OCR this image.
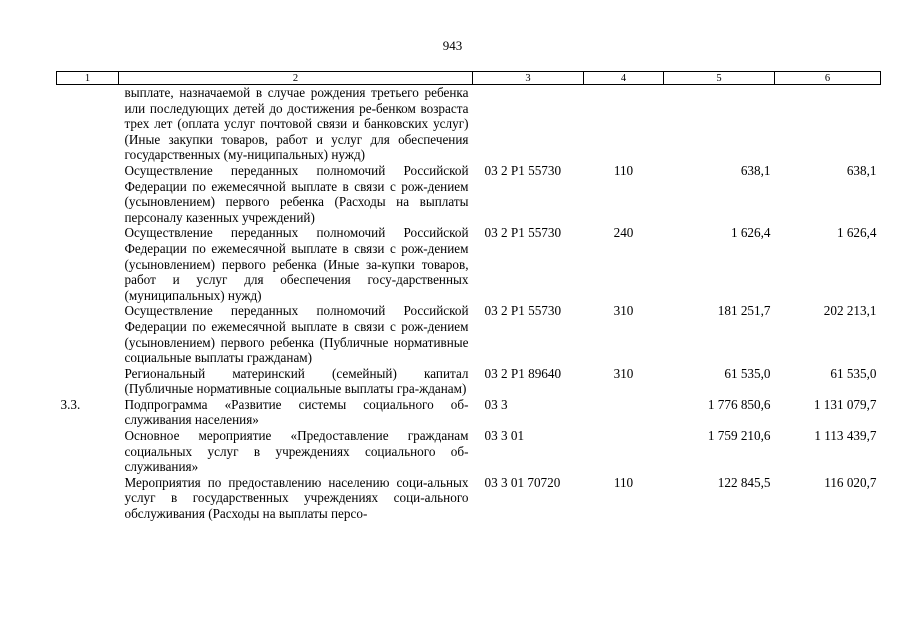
943
1	2	3	4	5	6
	выплате, назначаемой в случае рождения третьего ребенка или последующих детей до достижения ре-бенком возраста трех лет (оплата услуг почтовой связи и банковских услуг) (Иные закупки товаров, работ и услуг для обеспечения государственных (му-ниципальных) нужд)				
	Осуществление переданных полномочий Российской Федерации по ежемесячной выплате в связи с рож-дением (усыновлением) первого ребенка (Расходы на выплаты персоналу казенных учреждений)	03 2 P1 55730	110	638,1	638,1
	Осуществление переданных полномочий Российской Федерации по ежемесячной выплате в связи с рож-дением (усыновлением) первого ребенка (Иные за-купки товаров, работ и услуг для обеспечения госу-дарственных (муниципальных) нужд)	03 2 P1 55730	240	1 626,4	1 626,4
	Осуществление переданных полномочий Российской Федерации по ежемесячной выплате в связи с рож-дением (усыновлением) первого ребенка (Публичные нормативные социальные выплаты гражданам)	03 2 P1 55730	310	181 251,7	202 213,1
	Региональный материнский (семейный) капитал (Публичные нормативные социальные выплаты гра-жданам)	03 2 P1 89640	310	61 535,0	61 535,0
3.3.	Подпрограмма «Развитие системы социального об-служивания населения»	03 3		1 776 850,6	1 131 079,7
	Основное мероприятие «Предоставление гражданам социальных услуг в учреждениях социального об-служивания»	03 3 01		1 759 210,6	1 113 439,7
	Мероприятия по предоставлению населению соци-альных услуг в государственных учреждениях соци-ального обслуживания (Расходы на выплаты персо-	03 3 01 70720	110	122 845,5	116 020,7
